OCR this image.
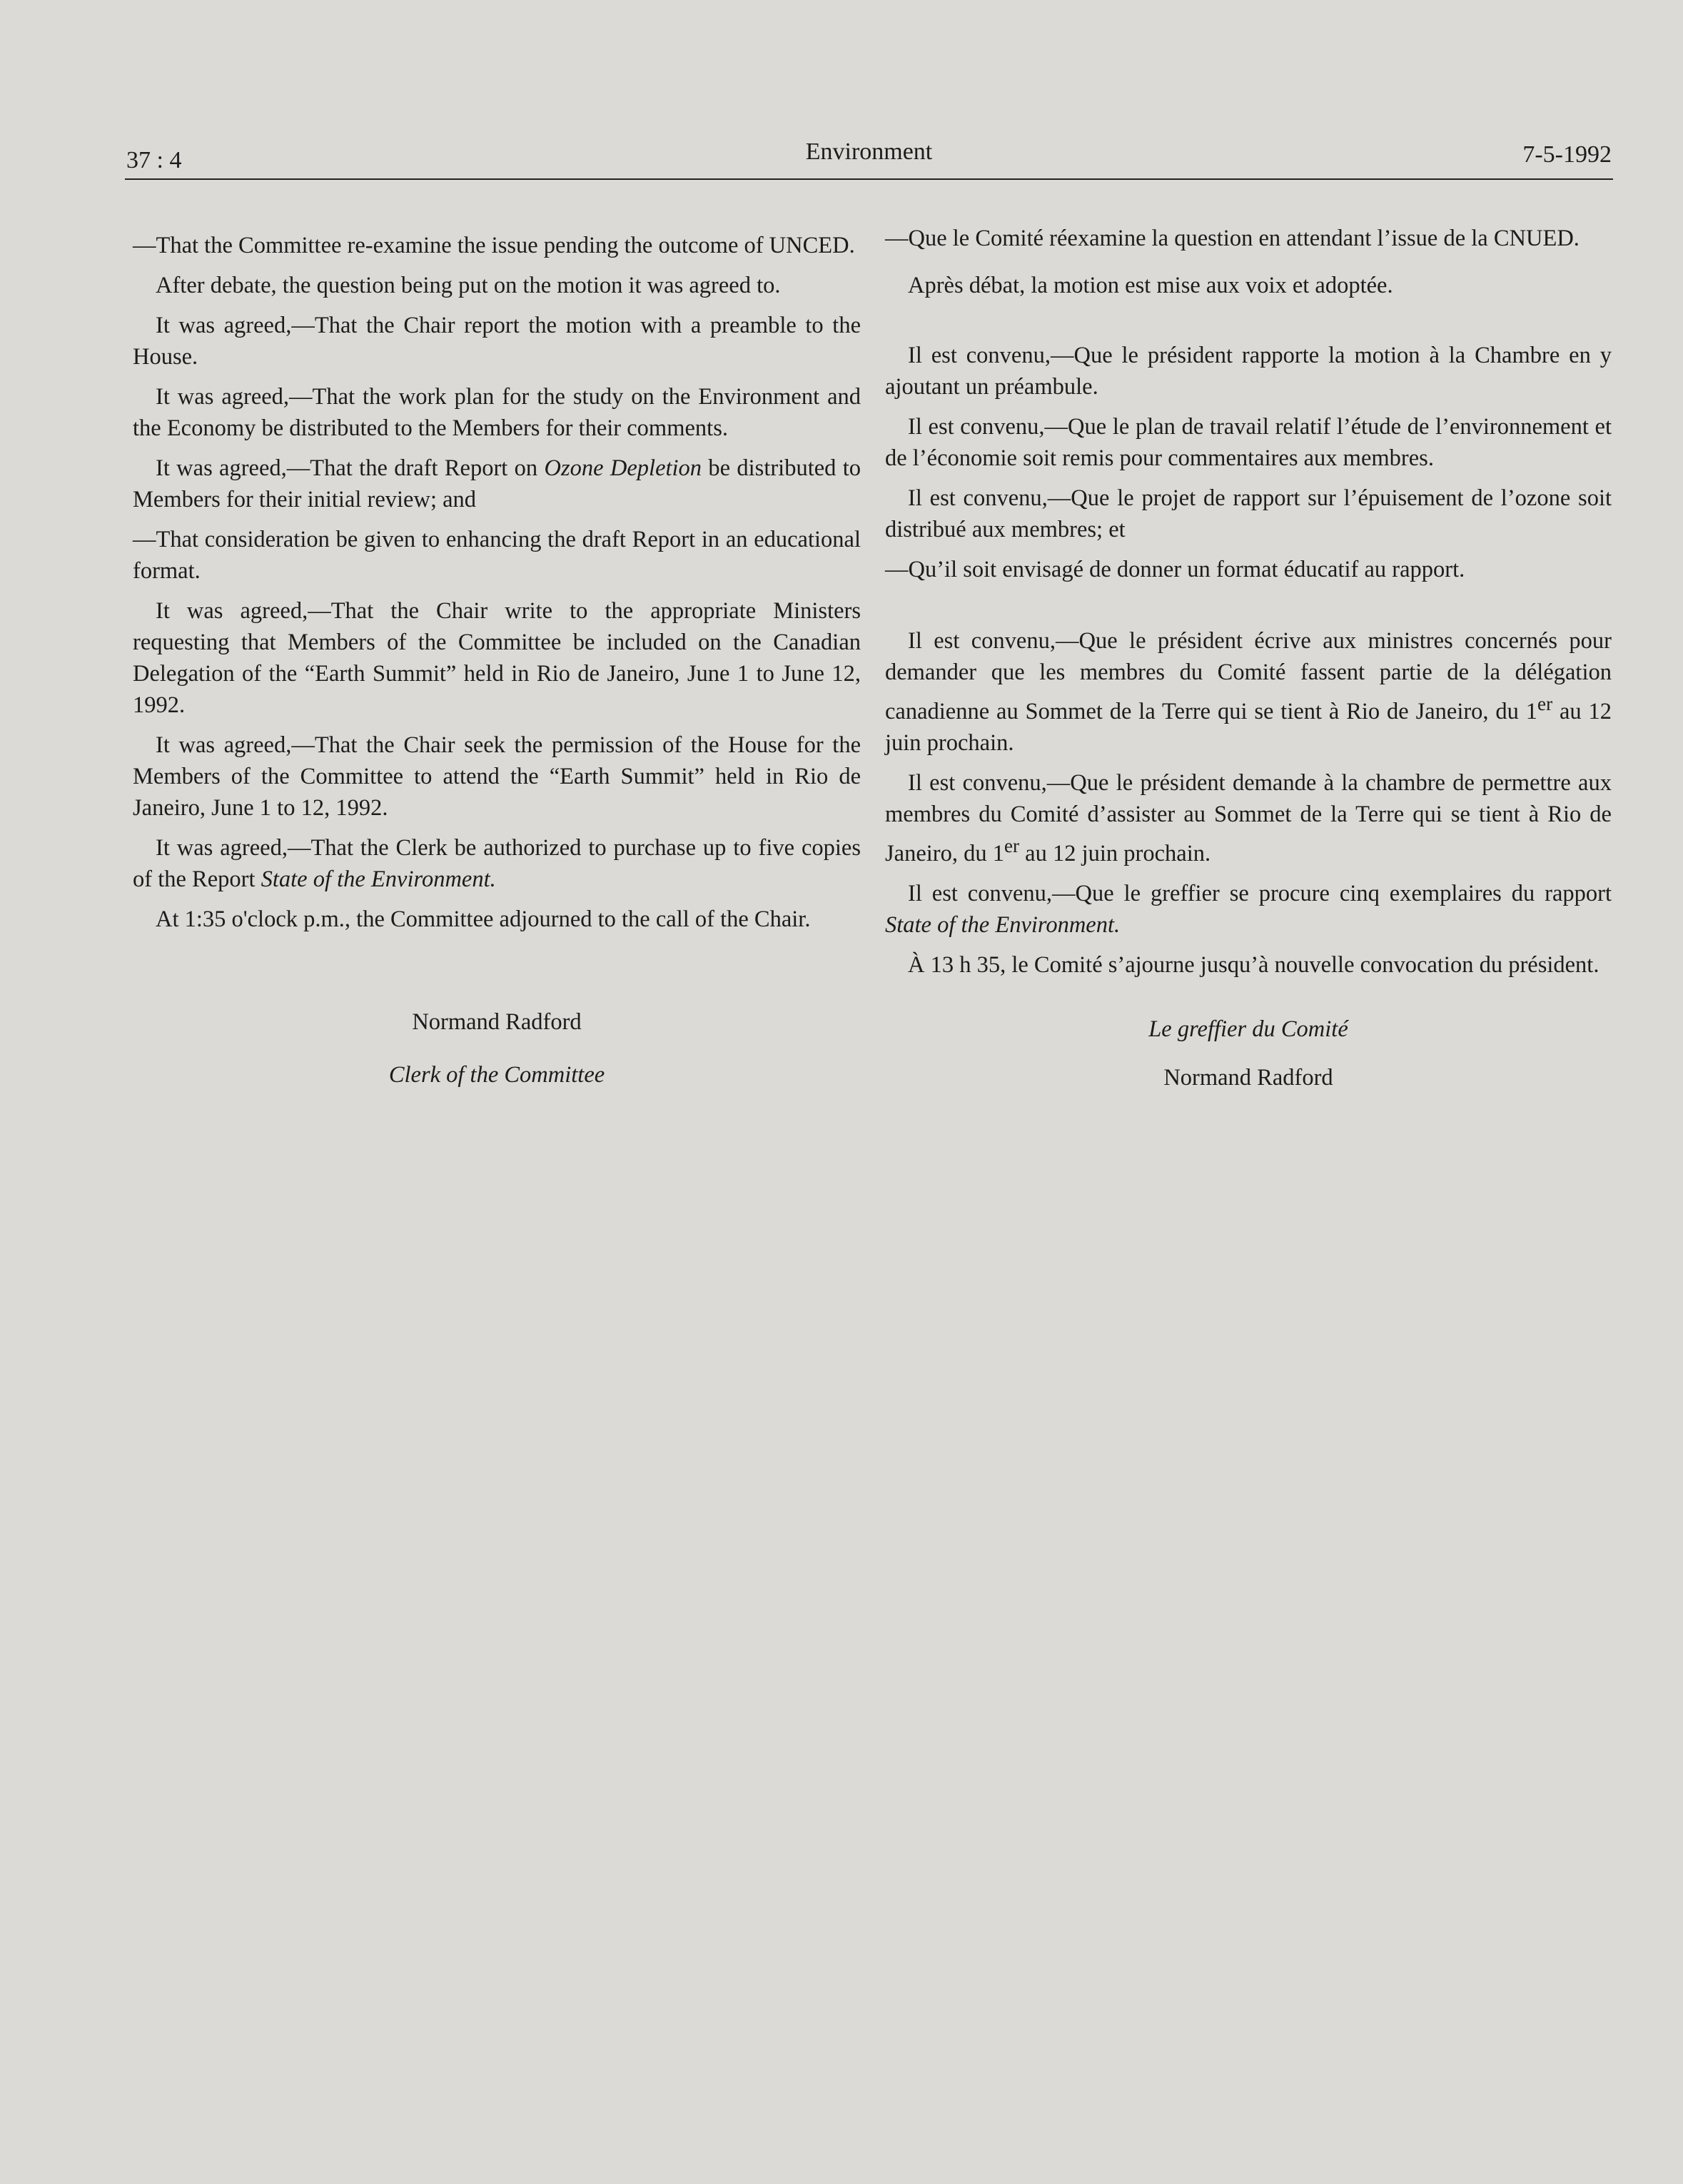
37 : 4	Environment	7-5-1992

—That the Committee re-examine the issue pending the outcome of UNCED.

After debate, the question being put on the motion it was agreed to.

It was agreed,—That the Chair report the motion with a preamble to the House.

It was agreed,—That the work plan for the study on the Environment and the Economy be distributed to the Members for their comments.

It was agreed,—That the draft Report on Ozone Depletion be distributed to Members for their initial review; and

—That consideration be given to enhancing the draft Report in an educational format.

It was agreed,—That the Chair write to the appropriate Ministers requesting that Members of the Committee be included on the Canadian Delegation of the “Earth Summit” held in Rio de Janeiro, June 1 to June 12, 1992.

It was agreed,—That the Chair seek the permission of the House for the Members of the Committee to attend the “Earth Summit” held in Rio de Janeiro, June 1 to 12, 1992.

It was agreed,—That the Clerk be authorized to purchase up to five copies of the Report State of the Environment.

At 1:35 o'clock p.m., the Committee adjourned to the call of the Chair.

Normand Radford

Clerk of the Committee

—Que le Comité réexamine la question en attendant l’issue de la CNUED.

Après débat, la motion est mise aux voix et adoptée.

Il est convenu,—Que le président rapporte la motion à la Chambre en y ajoutant un préambule.

Il est convenu,—Que le plan de travail relatif l’étude de l’environnement et de l’économie soit remis pour commentaires aux membres.

Il est convenu,—Que le projet de rapport sur l’épuisement de l’ozone soit distribué aux membres; et

—Qu’il soit envisagé de donner un format éducatif au rapport.

Il est convenu,—Que le président écrive aux ministres concernés pour demander que les membres du Comité fassent partie de la délégation canadienne au Sommet de la Terre qui se tient à Rio de Janeiro, du 1er au 12 juin prochain.

Il est convenu,—Que le président demande à la chambre de permettre aux membres du Comité d’assister au Sommet de la Terre qui se tient à Rio de Janeiro, du 1er au 12 juin prochain.

Il est convenu,—Que le greffier se procure cinq exemplaires du rapport State of the Environment.

À 13 h 35, le Comité s’ajourne jusqu’à nouvelle convocation du président.

Le greffier du Comité

Normand Radford
